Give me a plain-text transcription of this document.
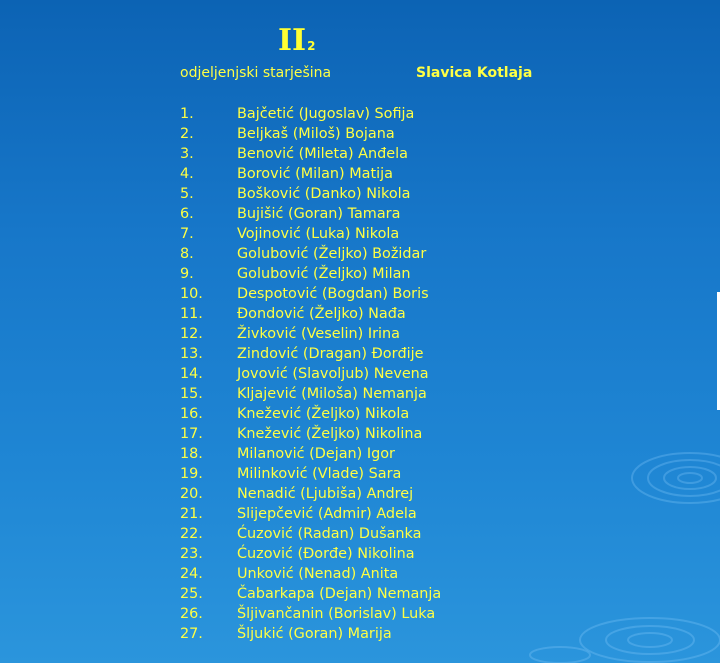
II2
odjeljenjski starješina	Slavica Kotlaja
1.	Bajčetić (Jugoslav) Sofija
2.	Beljkaš (Miloš) Bojana
3.	Benović (Mileta) Anđela
4.	Borović (Milan) Matija
5.	Bošković (Danko) Nikola
6.	Bujišić (Goran) Tamara
7.	Vojinović (Luka) Nikola
8.	Golubović (Željko) Božidar
9.	Golubović (Željko) Milan
10. Despotović (Bogdan) Boris
11. Đondović (Željko) Nađa
12. Živković (Veselin) Irina
13. Zindović (Dragan) Đorđije
14. Jovović (Slavoljub) Nevena
15. Kljajević (Miloša) Nemanja
16. Knežević (Željko) Nikola
17. Knežević (Željko) Nikolina
18. Milanović (Dejan) Igor
19. Milinković (Vlade) Sara
20. Nenadić (Ljubiša) Andrej
21. Slijepčević (Admir) Adela
22. Ćuzović (Radan) Dušanka
23. Ćuzović (Đorđe) Nikolina
24. Unković (Nenad) Anita
25. Čabarkapa (Dejan) Nemanja
26. Šljivančanin (Borislav) Luka
27. Šljukić (Goran) Marija
